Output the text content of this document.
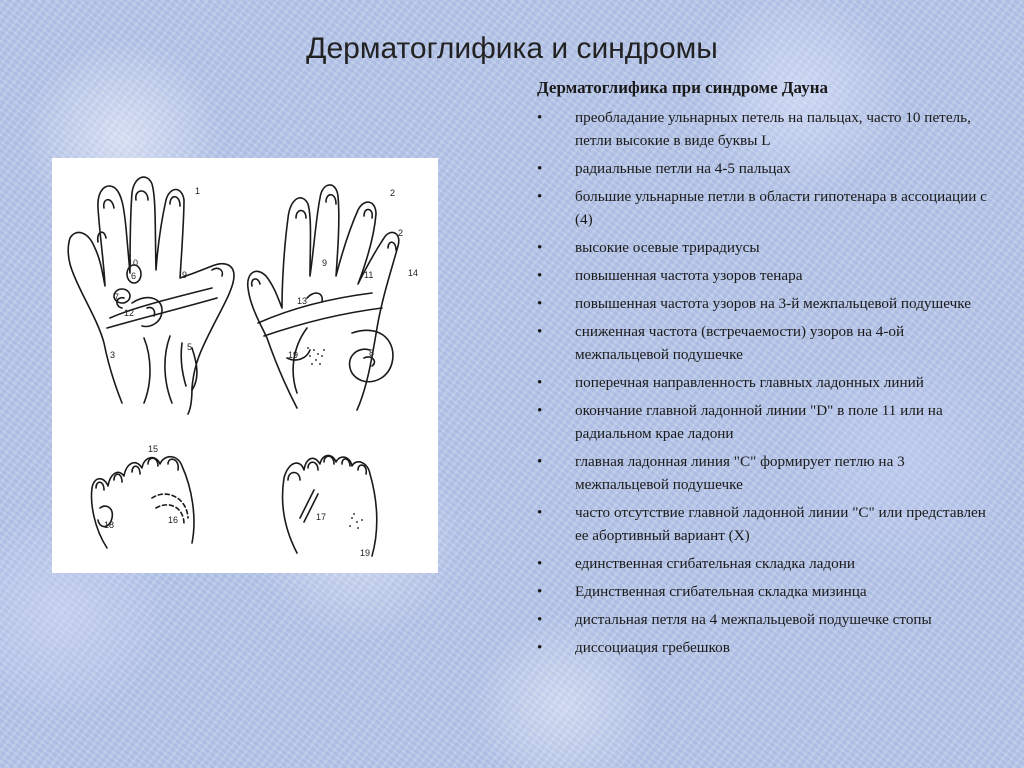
Дерматоглифика и синдромы
1
10
6
7
12
9
3
5
2
2
9
11	14
13
8
19
15
18	16	17
19
Дерматоглифика при синдроме Дауна
• преобладание ульнарных петель на пальцах, часто 10 петель, петли высокие в виде буквы L
• радиальные петли на 4-5 пальцах
• большие ульнарные петли в области гипотенара в ассоциации с (4)
• высокие осевые трирадиусы
• повышенная частота узоров тенара
• повышенная частота узоров на 3-й межпальцевой подушечке
• сниженная частота (встречаемости) узоров на 4-ой межпальцевой подушечке
• поперечная направленность главных ладонных линий
• окончание главной ладонной линии "D" в поле 11 или на радиальном крае ладони
• главная ладонная линия "C" формирует петлю на 3 межпальцевой подушечке
• часто отсутствие главной ладонной линии "C" или представлен ее абортивный вариант (X)
• единственная сгибательная складка ладони
• Единственная сгибательная складка мизинца
• дистальная петля на 4 межпальцевой подушечке стопы
• диссоциация гребешков
